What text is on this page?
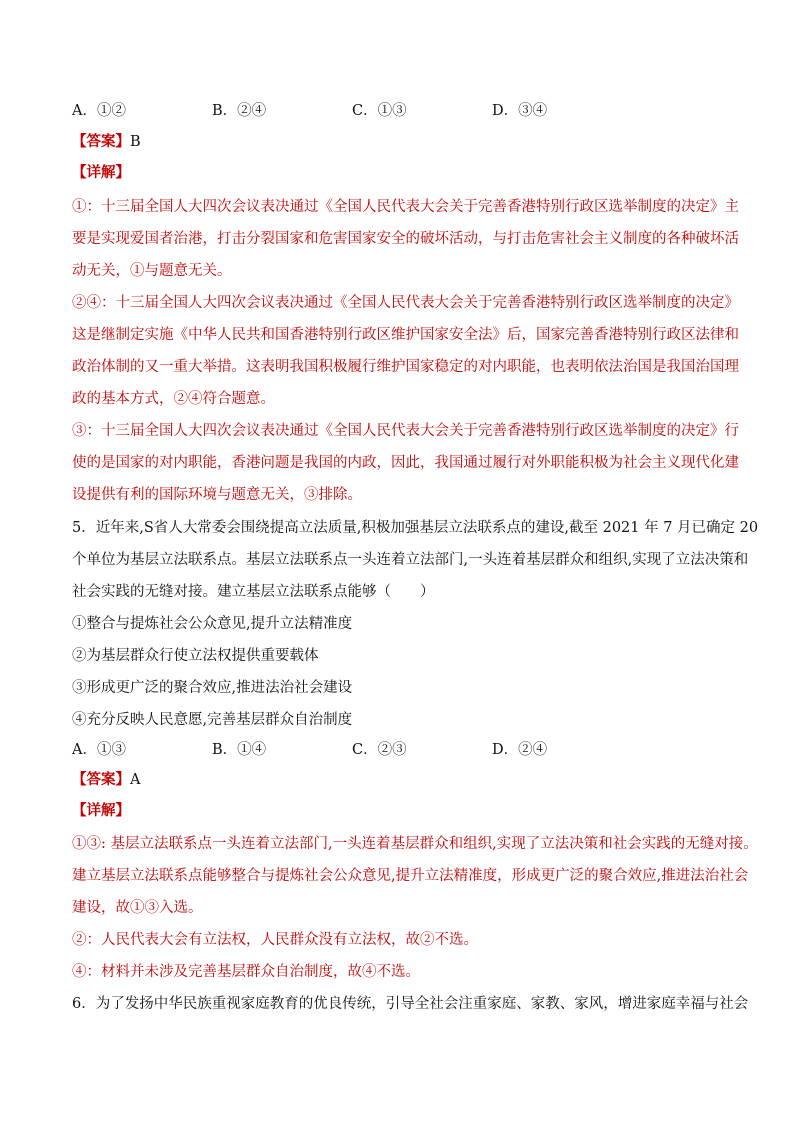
A．①②	B．②④	C．①③	D．③④
【答案】B
【详解】
①：十三届全国人大四次会议表决通过《全国人民代表大会关于完善香港特别行政区选举制度的决定》主
要是实现爱国者治港，打击分裂国家和危害国家安全的破坏活动，与打击危害社会主义制度的各种破坏活
动无关，①与题意无关。
②④：十三届全国人大四次会议表决通过《全国人民代表大会关于完善香港特别行政区选举制度的决定》
这是继制定实施《中华人民共和国香港特别行政区维护国家安全法》后，国家完善香港特别行政区法律和
政治体制的又一重大举措。这表明我国积极履行维护国家稳定的对内职能，也表明依法治国是我国治国理
政的基本方式，②④符合题意。
③：十三届全国人大四次会议表决通过《全国人民代表大会关于完善香港特别行政区选举制度的决定》行
使的是国家的对内职能，香港问题是我国的内政，因此，我国通过履行对外职能积极为社会主义现代化建
设提供有利的国际环境与题意无关，③排除。
5．近年来,S省人大常委会围绕提高立法质量,积极加强基层立法联系点的建设,截至 2021 年 7 月已确定 20
个单位为基层立法联系点。基层立法联系点一头连着立法部门,一头连着基层群众和组织,实现了立法决策和
社会实践的无缝对接。建立基层立法联系点能够（　　）
①整合与提炼社会公众意见,提升立法精准度
②为基层群众行使立法权提供重要载体
③形成更广泛的聚合效应,推进法治社会建设
④充分反映人民意愿,完善基层群众自治制度
A．①③	B．①④	C．②③	D．②④
【答案】A
【详解】
①③: 基层立法联系点一头连着立法部门,一头连着基层群众和组织,实现了立法决策和社会实践的无缝对接。
建立基层立法联系点能够整合与提炼社会公众意见,提升立法精准度，形成更广泛的聚合效应,推进法治社会
建设，故①③入选。
②：人民代表大会有立法权，人民群众没有立法权，故②不选。
④：材料并未涉及完善基层群众自治制度，故④不选。
6．为了发扬中华民族重视家庭教育的优良传统，引导全社会注重家庭、家教、家风，增进家庭幸福与社会
